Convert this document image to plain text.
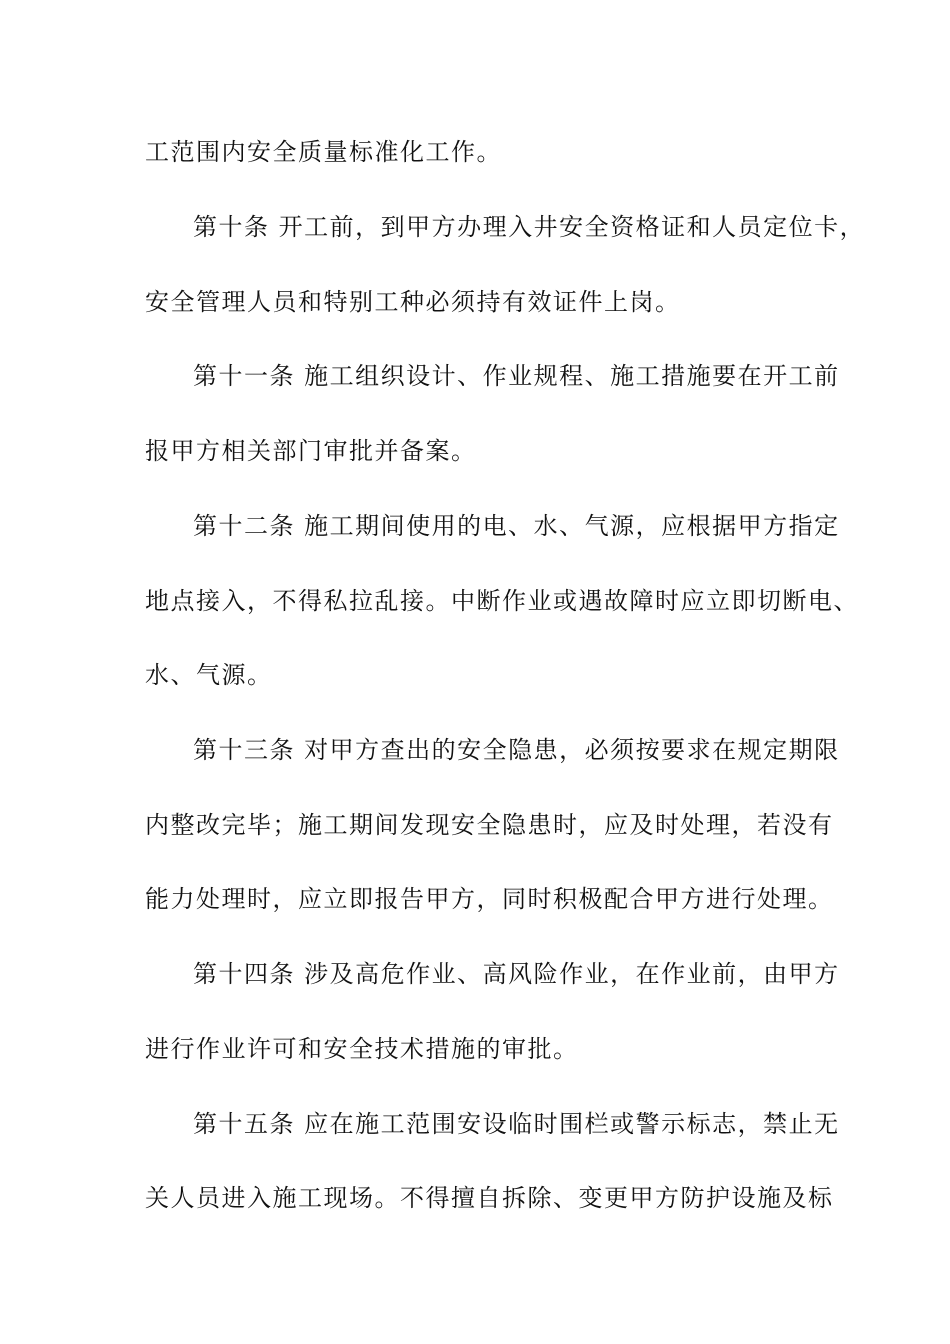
工范围内安全质量标准化工作。
第十条 开工前，到甲方办理入井安全资格证和人员定位卡，
安全管理人员和特别工种必须持有效证件上岗。
第十一条 施工组织设计、作业规程、施工措施要在开工前
报甲方相关部门审批并备案。
第十二条 施工期间使用的电、水、气源，应根据甲方指定
地点接入，不得私拉乱接。中断作业或遇故障时应立即切断电、
水、气源。
第十三条 对甲方查出的安全隐患，必须按要求在规定期限
内整改完毕；施工期间发现安全隐患时，应及时处理，若没有
能力处理时，应立即报告甲方，同时积极配合甲方进行处理。
第十四条 涉及高危作业、高风险作业，在作业前，由甲方
进行作业许可和安全技术措施的审批。
第十五条 应在施工范围安设临时围栏或警示标志，禁止无
关人员进入施工现场。不得擅自拆除、变更甲方防护设施及标
